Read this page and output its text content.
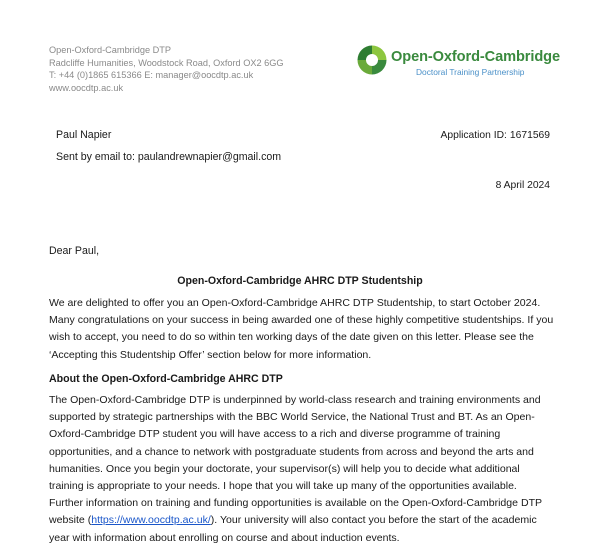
Open-Oxford-Cambridge DTP
Radcliffe Humanities, Woodstock Road, Oxford OX2 6GG
T: +44 (0)1865 615366 E: manager@oocdtp.ac.uk
www.oocdtp.ac.uk
Open-Oxford-Cambridge
Doctoral Training Partnership
Paul Napier
Sent by email to: paulandrewnapier@gmail.com
Application ID: 1671569
8 April 2024
Dear Paul,
Open-Oxford-Cambridge AHRC DTP Studentship
We are delighted to offer you an Open-Oxford-Cambridge AHRC DTP Studentship, to start October 2024.
Many congratulations on your success in being awarded one of these highly competitive studentships. If you
wish to accept, you need to do so within ten working days of the date given on this letter. Please see the
‘Accepting this Studentship Offer’ section below for more information.
About the Open-Oxford-Cambridge AHRC DTP
The Open-Oxford-Cambridge DTP is underpinned by world-class research and training environments and
supported by strategic partnerships with the BBC World Service, the National Trust and BT. As an Open-
Oxford-Cambridge DTP student you will have access to a rich and diverse programme of training
opportunities, and a chance to network with postgraduate students from across and beyond the arts and
humanities. Once you begin your doctorate, your supervisor(s) will help you to decide what additional
training is appropriate to your needs. I hope that you will take up many of the opportunities available.
Further information on training and funding opportunities is available on the Open-Oxford-Cambridge DTP
website (https://www.oocdtp.ac.uk/). Your university will also contact you before the start of the academic
year with information about enrolling on course and about induction events.
